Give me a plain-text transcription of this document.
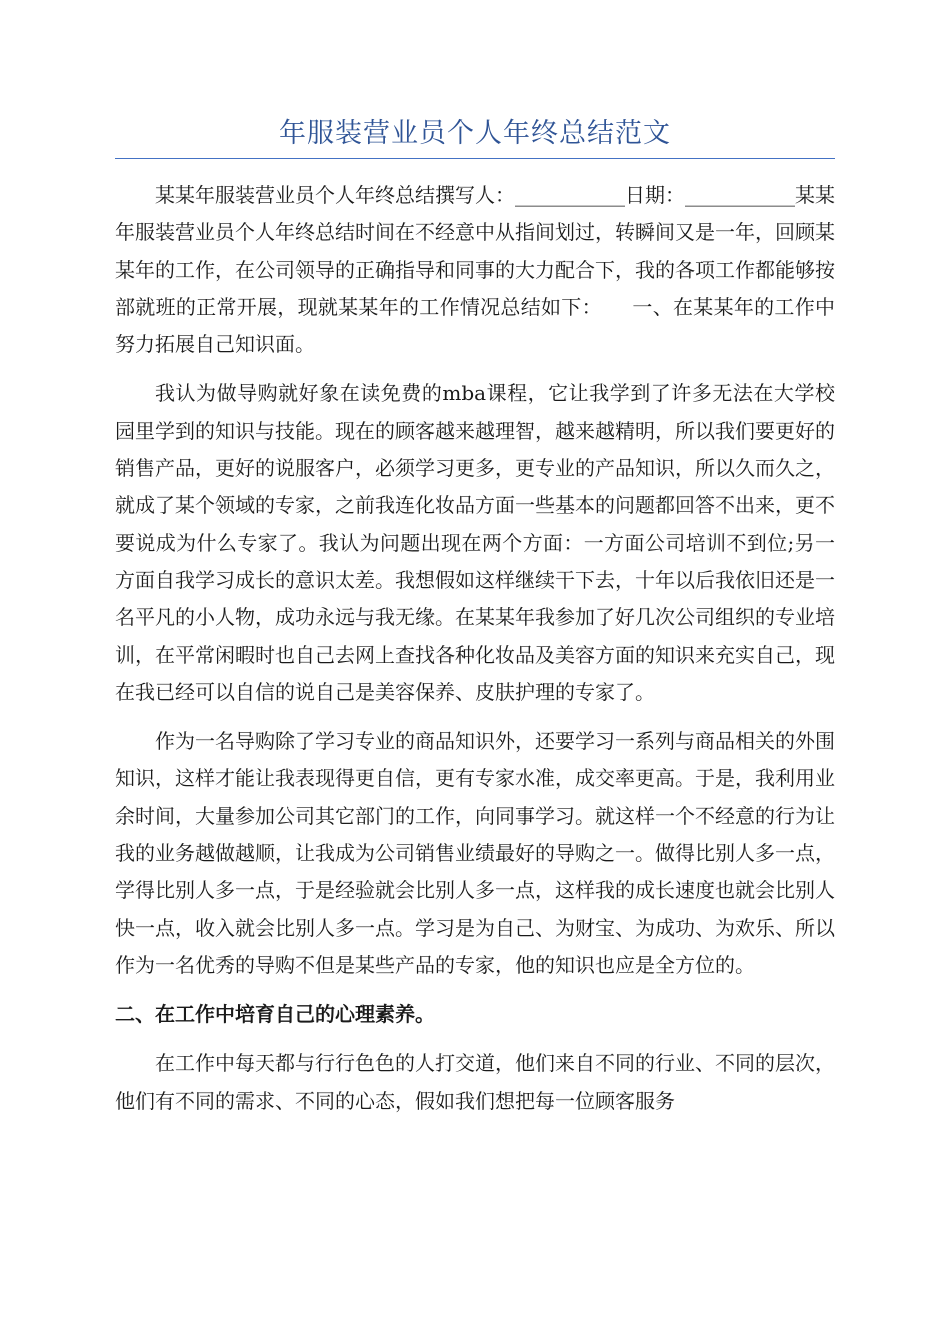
年服装营业员个人年终总结范文

某某年服装营业员个人年终总结撰写人：___________日期：___________某某年服装营业员个人年终总结时间在不经意中从指间划过，转瞬间又是一年，回顾某某年的工作，在公司领导的正确指导和同事的大力配合下，我的各项工作都能够按部就班的正常开展，现就某某年的工作情况总结如下：　　一、在某某年的工作中努力拓展自己知识面。

我认为做导购就好象在读免费的mba课程，它让我学到了许多无法在大学校园里学到的知识与技能。现在的顾客越来越理智，越来越精明，所以我们要更好的销售产品，更好的说服客户，必须学习更多，更专业的产品知识，所以久而久之，就成了某个领域的专家，之前我连化妆品方面一些基本的问题都回答不出来，更不要说成为什么专家了。我认为问题出现在两个方面：一方面公司培训不到位;另一方面自我学习成长的意识太差。我想假如这样继续干下去，十年以后我依旧还是一名平凡的小人物，成功永远与我无缘。在某某年我参加了好几次公司组织的专业培训，在平常闲暇时也自己去网上查找各种化妆品及美容方面的知识来充实自己，现在我已经可以自信的说自己是美容保养、皮肤护理的专家了。

作为一名导购除了学习专业的商品知识外，还要学习一系列与商品相关的外围知识，这样才能让我表现得更自信，更有专家水准，成交率更高。于是，我利用业余时间，大量参加公司其它部门的工作，向同事学习。就这样一个不经意的行为让我的业务越做越顺，让我成为公司销售业绩最好的导购之一。做得比别人多一点，学得比别人多一点，于是经验就会比别人多一点，这样我的成长速度也就会比别人快一点，收入就会比别人多一点。学习是为自己、为财宝、为成功、为欢乐、所以作为一名优秀的导购不但是某些产品的专家，他的知识也应是全方位的。

二、在工作中培育自己的心理素养。

在工作中每天都与行行色色的人打交道，他们来自不同的行业、不同的层次，他们有不同的需求、不同的心态，假如我们想把每一位顾客服务
